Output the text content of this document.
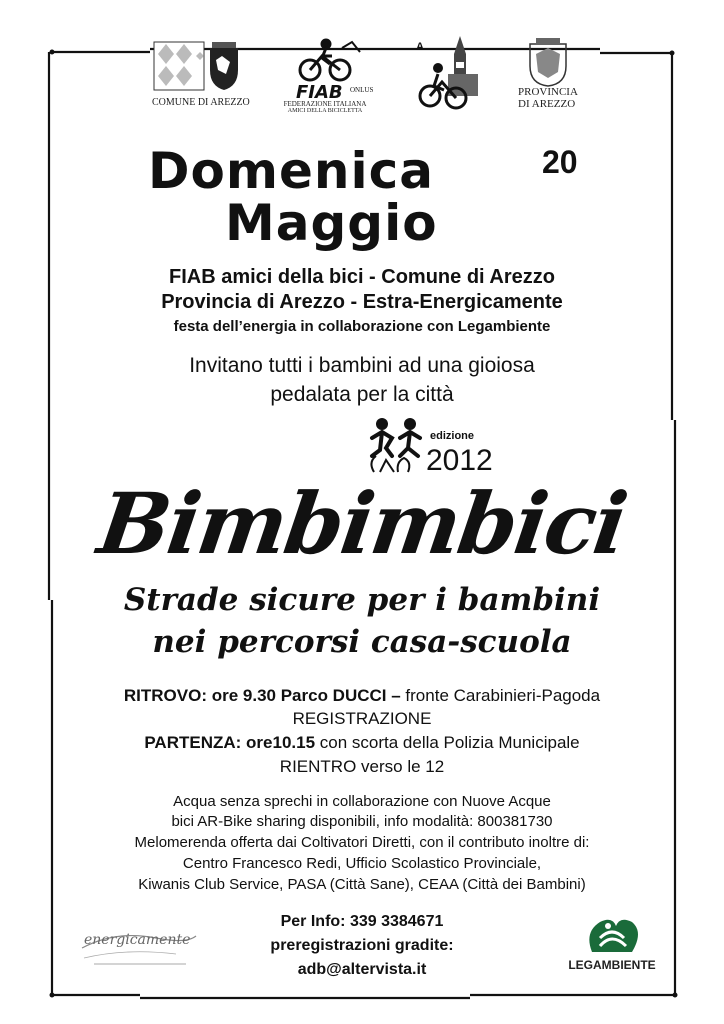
COMUNE DI AREZZO	FIAB ONLUS
FEDERAZIONE ITALIANA
AMICI DELLA BICICLETTA
A
PROVINCIA
DI AREZZO
Domenica	20
Maggio
FIAB amici della bici - Comune di Arezzo
Provincia di Arezzo - Estra-Energicamente
festa dell’energia in collaborazione con Legambiente
Invitano tutti i bambini ad una gioiosa
pedalata per la città
edizione
2012
Bimbimbici
Strade sicure per i bambini
nei percorsi casa-scuola
RITROVO: ore 9.30 Parco DUCCI – fronte Carabinieri-Pagoda
REGISTRAZIONE
PARTENZA: ore10.15 con scorta della Polizia Municipale
RIENTRO verso le 12
Acqua senza sprechi in collaborazione con Nuove Acque
bici AR-Bike sharing disponibili, info modalità: 800381730
Melomerenda offerta dai Coltivatori Diretti, con il contributo inoltre di:
Centro Francesco Redi, Ufficio Scolastico Provinciale,
Kiwanis Club Service, PASA (Città Sane), CEAA (Città dei Bambini)
Per Info: 339 3384671
preregistrazioni gradite:
adb@altervista.it
energicamente
LEGAMBIENTE
